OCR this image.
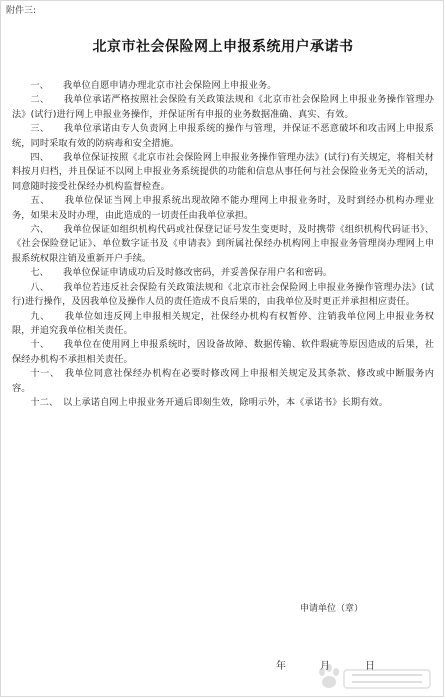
附件三:
北京市社会保险网上申报系统用户承诺书

一、　　我单位自愿申请办理北京市社会保险网上申报业务。

二、　　我单位承诺严格按照社会保险有关政策法规和《北京市社会保险网上申报业务操作管理办法》(试行)进行网上申报业务操作，并保证所有申报的业务数据准确、真实、有效。

三、　　我单位承诺由专人负责网上申报系统的操作与管理，并保证不恶意破坏和攻击网上申报系统，同时采取有效的防病毒和安全措施。

四、　　我单位保证按照《北京市社会保险网上申报业务操作管理办法》(试行)有关规定，将相关材料按月归档，并且保证不以网上申报业务系统提供的功能和信息从事任何与社会保险业务无关的活动，同意随时接受社保经办机构监督检查。

五、　　我单位保证当网上申报系统出现故障不能办理网上申报业务时，及时到经办机构办理业务，如果未及时办理，由此造成的一切责任由我单位承担。

六、　　我单位保证如组织机构代码或社保登记证号发生变更时，及时携带《组织机构代码证书》、《社会保险登记证》、单位数字证书及《申请表》到所属社保经办机构网上申报业务管理岗办理网上申报系统权限注销及重新开户手续。

七、　　我单位保证申请成功后及时修改密码，并妥善保存用户名和密码。

八、　　我单位若违反社会保险有关政策法规和《北京市社会保险网上申报业务操作管理办法》(试行)进行操作，及因我单位及操作人员的责任造成不良后果的，由我单位及时更正并承担相应责任。

九、　　我单位如违反网上申报相关规定，社保经办机构有权暂停、注销我单位网上申报业务权限，并追究我单位相关责任。

十、　　我单位在使用网上申报系统时，因设备故障、数据传输、软件瑕疵等原因造成的后果，社保经办机构不承担相关责任。

十一、　我单位同意社保经办机构在必要时修改网上申报相关规定及其条款、修改或中断服务内容。

十二、　以上承诺自网上申报业务开通后即刻生效，除明示外，本《承诺书》长期有效。

申请单位（章）
年	月	日
